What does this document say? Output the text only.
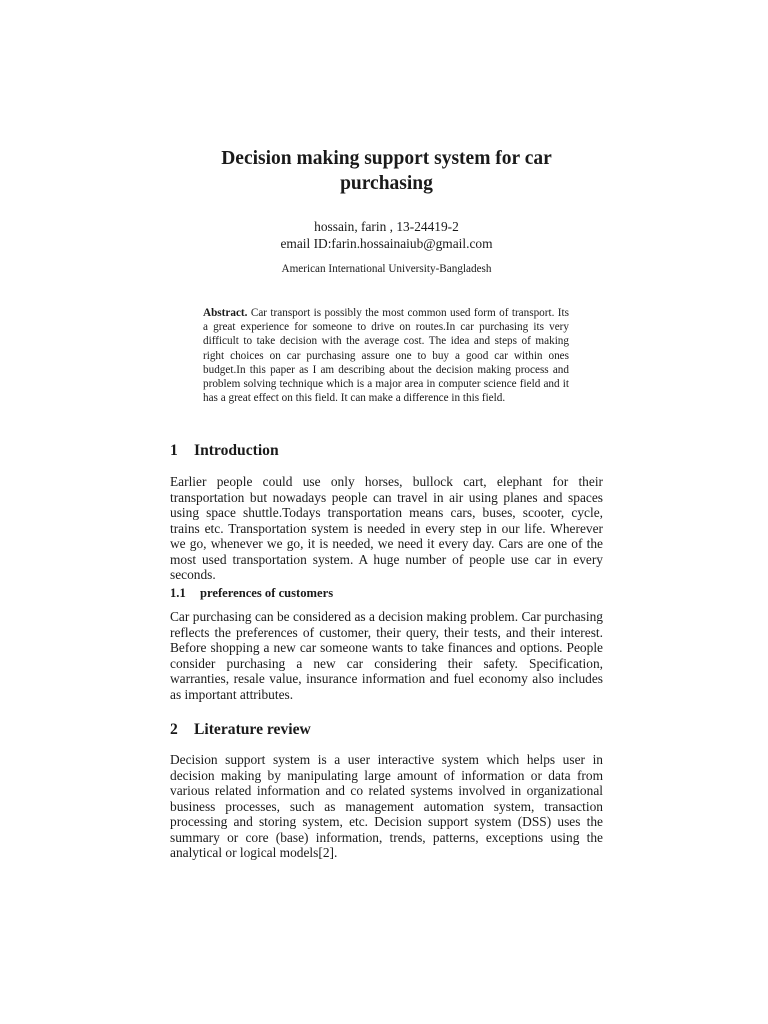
Decision making support system for car
purchasing
hossain, farin , 13-24419-2
email ID:farin.hossainaiub@gmail.com
American International University-Bangladesh

Abstract. Car transport is possibly the most common used form of transport. Its a great experience for someone to drive on routes.In car purchasing its very difficult to take decision with the average cost. The idea and steps of making right choices on car purchasing assure one to buy a good car within ones budget.In this paper as I am describing about the decision making process and problem solving technique which is a major area in computer science field and it has a great effect on this field. It can make a difference in this field.

1 Introduction

Earlier people could use only horses, bullock cart, elephant for their transportation but nowadays people can travel in air using planes and spaces using space shuttle.Todays transportation means cars, buses, scooter, cycle, trains etc. Transportation system is needed in every step in our life. Wherever we go, whenever we go, it is needed, we need it every day. Cars are one of the most used transportation system. A huge number of people use car in every seconds.

1.1 preferences of customers

Car purchasing can be considered as a decision making problem. Car purchasing reflects the preferences of customer, their query, their tests, and their interest. Before shopping a new car someone wants to take finances and options. People consider purchasing a new car considering their safety. Specification, warranties, resale value, insurance information and fuel economy also includes as important attributes.

2 Literature review

Decision support system is a user interactive system which helps user in decision making by manipulating large amount of information or data from various related information and co related systems involved in organizational business processes, such as management automation system, transaction processing and storing system, etc. Decision support system (DSS) uses the summary or core (base) information, trends, patterns, exceptions using the analytical or logical models[2].
